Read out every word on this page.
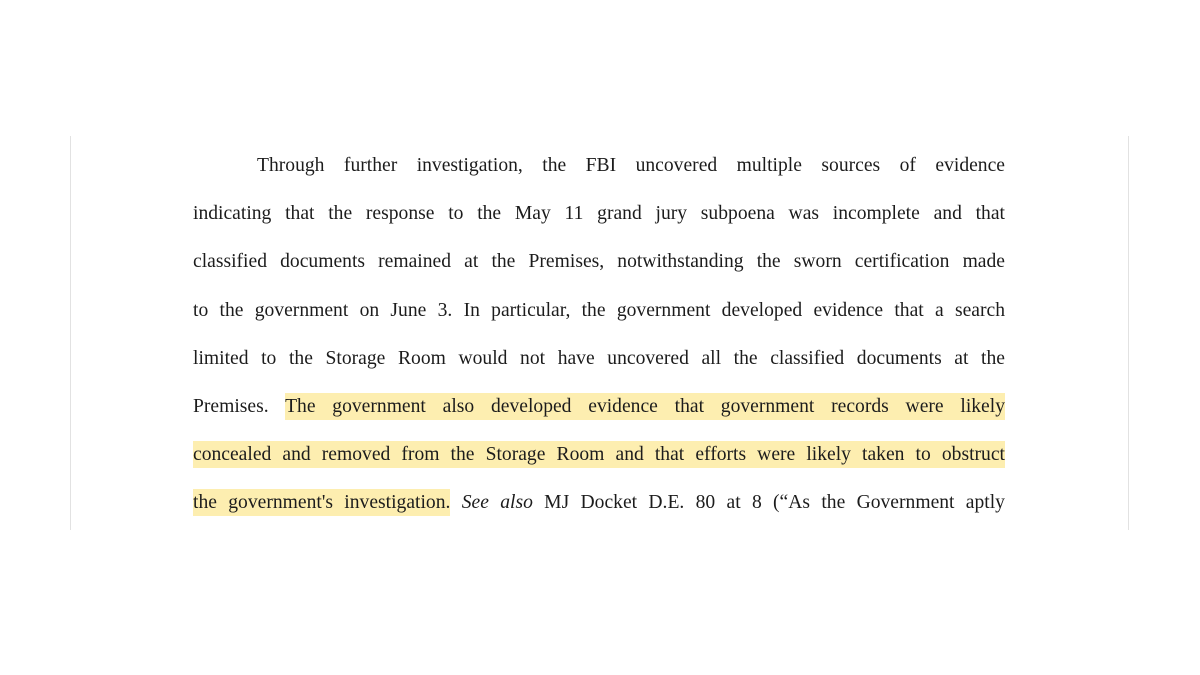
Through further investigation, the FBI uncovered multiple sources of evidence
indicating that the response to the May 11 grand jury subpoena was incomplete and that
classified documents remained at the Premises, notwithstanding the sworn certification made
to the government on June 3. In particular, the government developed evidence that a search
limited to the Storage Room would not have uncovered all the classified documents at the
Premises. The government also developed evidence that government records were likely
concealed and removed from the Storage Room and that efforts were likely taken to obstruct
the government's investigation. See also MJ Docket D.E. 80 at 8 (“As the Government aptly
